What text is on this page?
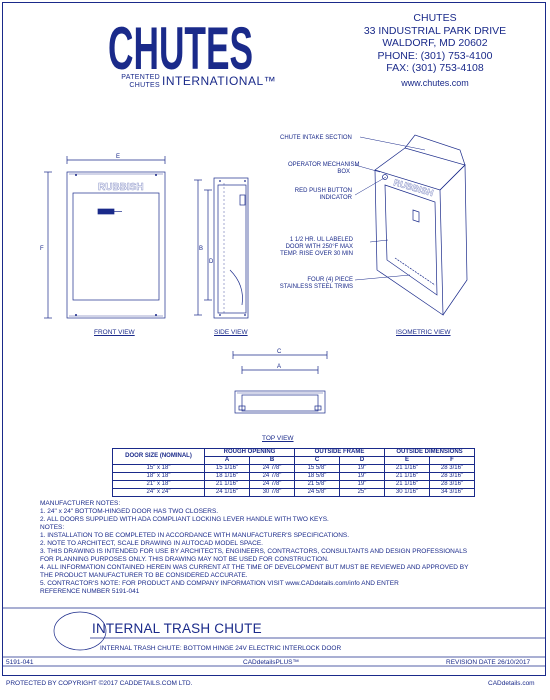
CHUTES
PATENTED
CHUTES INTERNATIONAL™
CHUTES
33 INDUSTRIAL PARK DRIVE
WALDORF, MD 20602
PHONE: (301) 753-4100
FAX: (301) 753-4108
www.chutes.com
RUBBISH
E
F
FRONT VIEW
B
D
SIDE VIEW
RUBBISH
ISOMETRIC VIEW
CHUTE INTAKE SECTION
OPERATOR MECHANISM
BOX
RED PUSH BUTTON
INDICATOR
1 1/2 HR. UL LABELED
DOOR WITH 250°F MAX
TEMP. RISE OVER 30 MIN
FOUR (4) PIECE
STAINLESS STEEL TRIMS
C
A
TOP VIEW
DOOR SIZE (NOMINAL)	ROUGH OPENING		OUTSIDE FRAME		OUTSIDE DIMENSIONS	
	A	B	C	D	E	F
15" x 18"	15 1/16"	24 7/8"	15 5/8"	19"	21 1/16"	28 3/16"
18" x 18"	18 1/16"	24 7/8"	18 5/8"	19"	21 1/16"	28 3/16"
21" x 18"	21 1/16"	24 7/8"	21 5/8"	19"	21 1/16"	28 3/16"
24" x 24"	24 1/16"	30 7/8"	24 5/8"	25"	30 1/16"	34 3/16"
MANUFACTURER NOTES:
1. 24" x 24" BOTTOM-HINGED DOOR HAS TWO CLOSERS.
2. ALL DOORS SUPPLIED WITH ADA COMPLIANT LOCKING LEVER HANDLE WITH TWO KEYS.
NOTES:
1. INSTALLATION TO BE COMPLETED IN ACCORDANCE WITH MANUFACTURER'S SPECIFICATIONS.
2. NOTE TO ARCHITECT, SCALE DRAWING IN AUTOCAD MODEL SPACE.
3. THIS DRAWING IS INTENDED FOR USE BY ARCHITECTS, ENGINEERS, CONTRACTORS, CONSULTANTS AND DESIGN PROFESSIONALS
FOR PLANNING PURPOSES ONLY. THIS DRAWING MAY NOT BE USED FOR CONSTRUCTION.
4. ALL INFORMATION CONTAINED HEREIN WAS CURRENT AT THE TIME OF DEVELOPMENT BUT MUST BE REVIEWED AND APPROVED BY
THE PRODUCT MANUFACTURER TO BE CONSIDERED ACCURATE.
5. CONTRACTOR'S NOTE: FOR PRODUCT AND COMPANY INFORMATION VISIT www.CADdetails.com/info AND ENTER
REFERENCE NUMBER 5191-041
INTERNAL TRASH CHUTE
INTERNAL TRASH CHUTE: BOTTOM HINGE 24V ELECTRIC INTERLOCK DOOR
5191-041	CADdetailsPLUS™	REVISION DATE 26/10/2017
PROTECTED BY COPYRIGHT ©2017 CADDETAILS.COM LTD.	CADdetails.com
